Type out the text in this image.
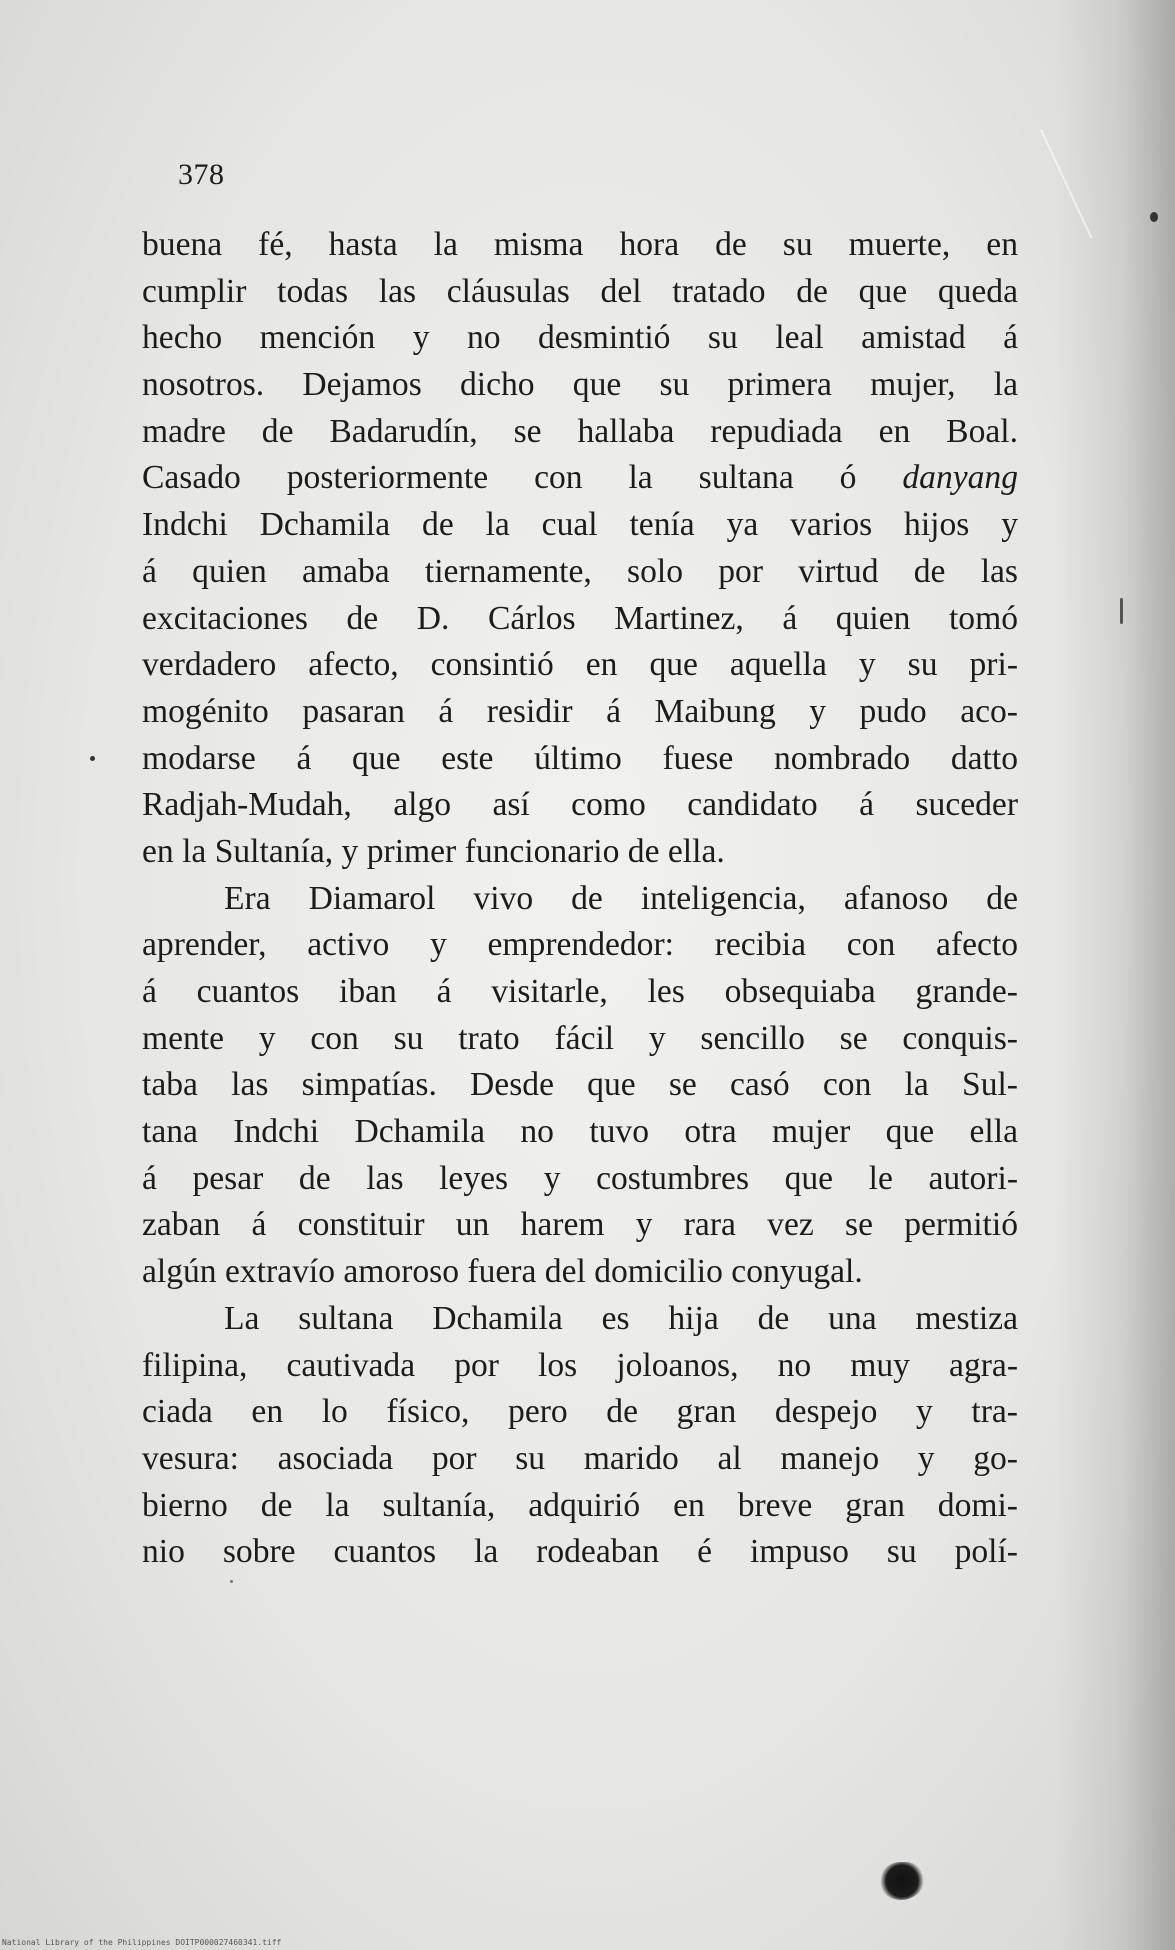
378
buena fé, hasta la misma hora de su muerte, en
cumplir todas las cláusulas del tratado de que queda
hecho mención y no desmintió su leal amistad á
nosotros. Dejamos dicho que su primera mujer, la
madre de Badarudín, se hallaba repudiada en Boal.
Casado posteriormente con la sultana ó danyang
Indchi Dchamila de la cual tenía ya varios hijos y
á quien amaba tiernamente, solo por virtud de las
excitaciones de D. Cárlos Martinez, á quien tomó
verdadero afecto, consintió en que aquella y su pri-
mogénito pasaran á residir á Maibung y pudo aco-
modarse á que este último fuese nombrado datto
Radjah-Mudah, algo así como candidato á suceder
en la Sultanía, y primer funcionario de ella.
Era Diamarol vivo de inteligencia, afanoso de
aprender, activo y emprendedor: recibia con afecto
á cuantos iban á visitarle, les obsequiaba grande-
mente y con su trato fácil y sencillo se conquis-
taba las simpatías. Desde que se casó con la Sul-
tana Indchi Dchamila no tuvo otra mujer que ella
á pesar de las leyes y costumbres que le autori-
zaban á constituir un harem y rara vez se permitió
algún extravío amoroso fuera del domicilio conyugal.
La sultana Dchamila es hija de una mestiza
filipina, cautivada por los joloanos, no muy agra-
ciada en lo físico, pero de gran despejo y tra-
vesura: asociada por su marido al manejo y go-
bierno de la sultanía, adquirió en breve gran domi-
nio sobre cuantos la rodeaban é impuso su polí-
National Library of the Philippines DOITP000027460341.tiff
